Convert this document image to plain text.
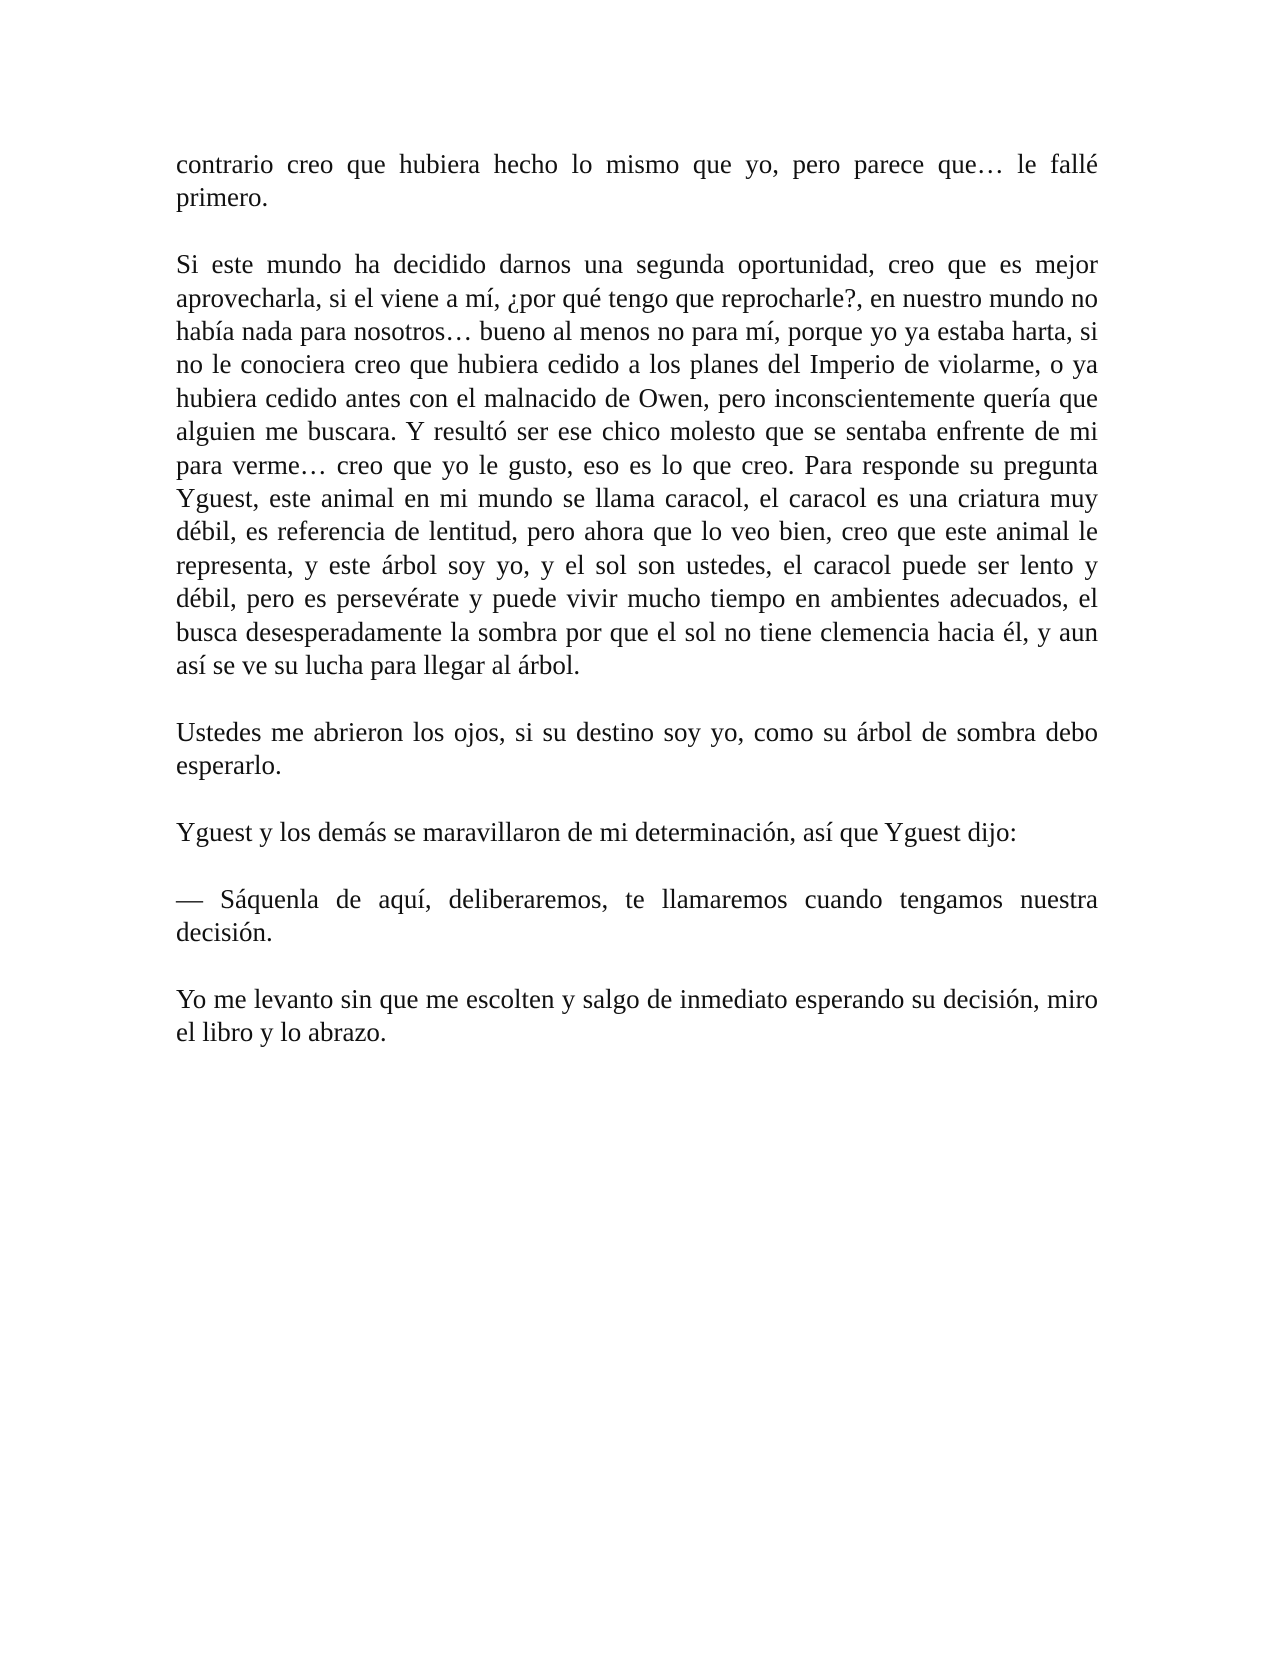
contrario creo que hubiera hecho lo mismo que yo, pero parece que… le fallé primero.

Si este mundo ha decidido darnos una segunda oportunidad, creo que es mejor aprovecharla, si el viene a mí, ¿por qué tengo que reprocharle?, en nuestro mundo no había nada para nosotros… bueno al menos no para mí, porque yo ya estaba harta, si no le conociera creo que hubiera cedido a los planes del Imperio de violarme, o ya hubiera cedido antes con el malnacido de Owen, pero inconscientemente quería que alguien me buscara. Y resultó ser ese chico molesto que se sentaba enfrente de mi para verme… creo que yo le gusto, eso es lo que creo. Para responde su pregunta Yguest, este animal en mi mundo se llama caracol, el caracol es una criatura muy débil, es referencia de lentitud, pero ahora que lo veo bien, creo que este animal le representa, y este árbol soy yo, y el sol son ustedes, el caracol puede ser lento y débil, pero es persevérate y puede vivir mucho tiempo en ambientes adecuados, el busca desesperadamente la sombra por que el sol no tiene clemencia hacia él, y aun así se ve su lucha para llegar al árbol.

Ustedes me abrieron los ojos, si su destino soy yo, como su árbol de sombra debo esperarlo.

Yguest y los demás se maravillaron de mi determinación, así que Yguest dijo:

— Sáquenla de aquí, deliberaremos, te llamaremos cuando tengamos nuestra decisión.

Yo me levanto sin que me escolten y salgo de inmediato esperando su decisión, miro el libro y lo abrazo.
